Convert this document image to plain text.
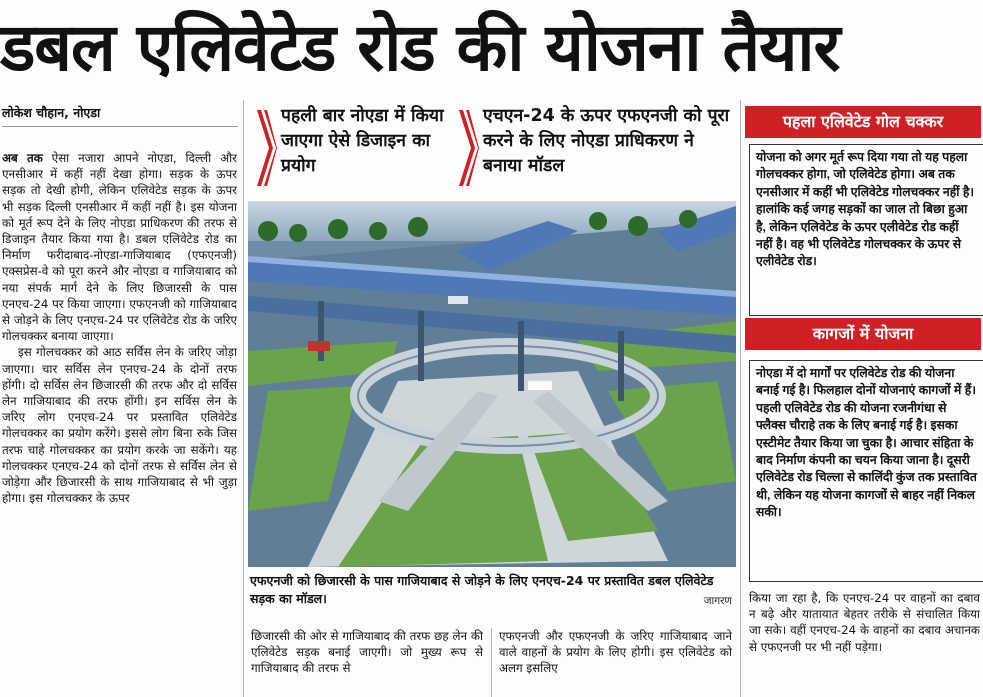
डबल एलिवेटेड रोड की योजना तैयार
लोकेश चौहान, नोएडा

अब तक ऐसा नजारा आपने नोएडा, दिल्ली और एनसीआर में कहीं नहीं देखा होगा। सड़क के ऊपर सड़क तो देखी होगी, लेकिन एलिवेटेड सड़क के ऊपर भी सड़क दिल्ली एनसीआर में कहीं नहीं है। इस योजना को मूर्त रूप देने के लिए नोएडा प्राधिकरण की तरफ से डिजाइन तैयार किया गया है। डबल एलिवेटेड रोड का निर्माण फरीदाबाद-नोएडा-गाजियाबाद (एफएनजी) एक्सप्रेस-वे को पूरा करने और नोएडा व गाजियाबाद को नया संपर्क मार्ग देने के लिए छिजारसी के पास एनएच-24 पर किया जाएगा। एफएनजी को गाजियाबाद से जोड़ने के लिए एनएच-24 पर एलिवेटेड रोड के जरिए गोलचक्कर बनाया जाएगा।

इस गोलचक्कर को आठ सर्विस लेन के जरिए जोड़ा जाएगा। चार सर्विस लेन एनएच-24 के दोनों तरफ होंगी। दो सर्विस लेन छिजारसी की तरफ और दो सर्विस लेन गाजियाबाद की तरफ होंगी। इन सर्विस लेन के जरिए लोग एनएच-24 पर प्रस्तावित एलिवेटेड गोलचक्कर का प्रयोग करेंगे। इससे लोग बिना रुके जिस तरफ चाहे गोलचक्कर का प्रयोग करके जा सकेंगे। यह गोलचक्कर एनएच-24 को दोनों तरफ से सर्विस लेन से जोड़ेगा और छिजारसी के साथ गाजियाबाद से भी जुड़ा होगा। इस गोलचक्कर के ऊपर

पहली बार नोएडा में किया जाएगा ऐसे डिजाइन का प्रयोग
एचएन-24 के ऊपर एफएनजी को पूरा करने के लिए नोएडा प्राधिकरण ने बनाया मॉडल
एफएनजी को छिजारसी के पास गाजियाबाद से जोड़ने के लिए एनएच-24 पर प्रस्तावित डबल एलिवेटेड सड़क का मॉडल।	जागरण
छिजारसी की ओर से गाजियाबाद की तरफ छह लेन की एलिवेटेड सड़क बनाई जाएगी। जो मुख्य रूप से गाजियाबाद की तरफ से
एफएनजी और एफएनजी के जरिए गाजियाबाद जाने वाले वाहनों के प्रयोग के लिए होगी। इस एलिवेटेड को अलग इसलिए
किया जा रहा है, कि एनएच-24 पर वाहनों का दबाव न बढ़े और यातायात बेहतर तरीके से संचालित किया जा सके। वहीं एनएच-24 के वाहनों का दबाव अचानक से एफएनजी पर भी नहीं पड़ेगा।
पहला एलिवेटेड गोल चक्कर

योजना को अगर मूर्त रूप दिया गया तो यह पहला गोलचक्कर होगा, जो एलिवेटेड होगा। अब तक एनसीआर में कहीं भी एलिवेटेड गोलचक्कर नहीं है। हालांकि कई जगह सड़कों का जाल तो बिछा हुआ है, लेकिन एलिवेटेड के ऊपर एलीवेटेड रोड कहीं नहीं है। वह भी एलिवेटेड गोलचक्कर के ऊपर से एलीवेटेड रोड।

कागजों में योजना

नोएडा में दो मार्गों पर एलिवेटेड रोड की योजना बनाई गई है। फिलहाल दोनों योजनाएं कागजों में हैं। पहली एलिवेटेड रोड की योजना रजनीगंधा से फ्लैक्स चौराहे तक के लिए बनाई गई है। इसका एस्टीमेट तैयार किया जा चुका है। आचार संहिता के बाद निर्माण कंपनी का चयन किया जाना है। दूसरी एलिवेटेड रोड चिल्ला से कालिंदी कुंज तक प्रस्तावित थी, लेकिन यह योजना कागजों से बाहर नहीं निकल सकी।
